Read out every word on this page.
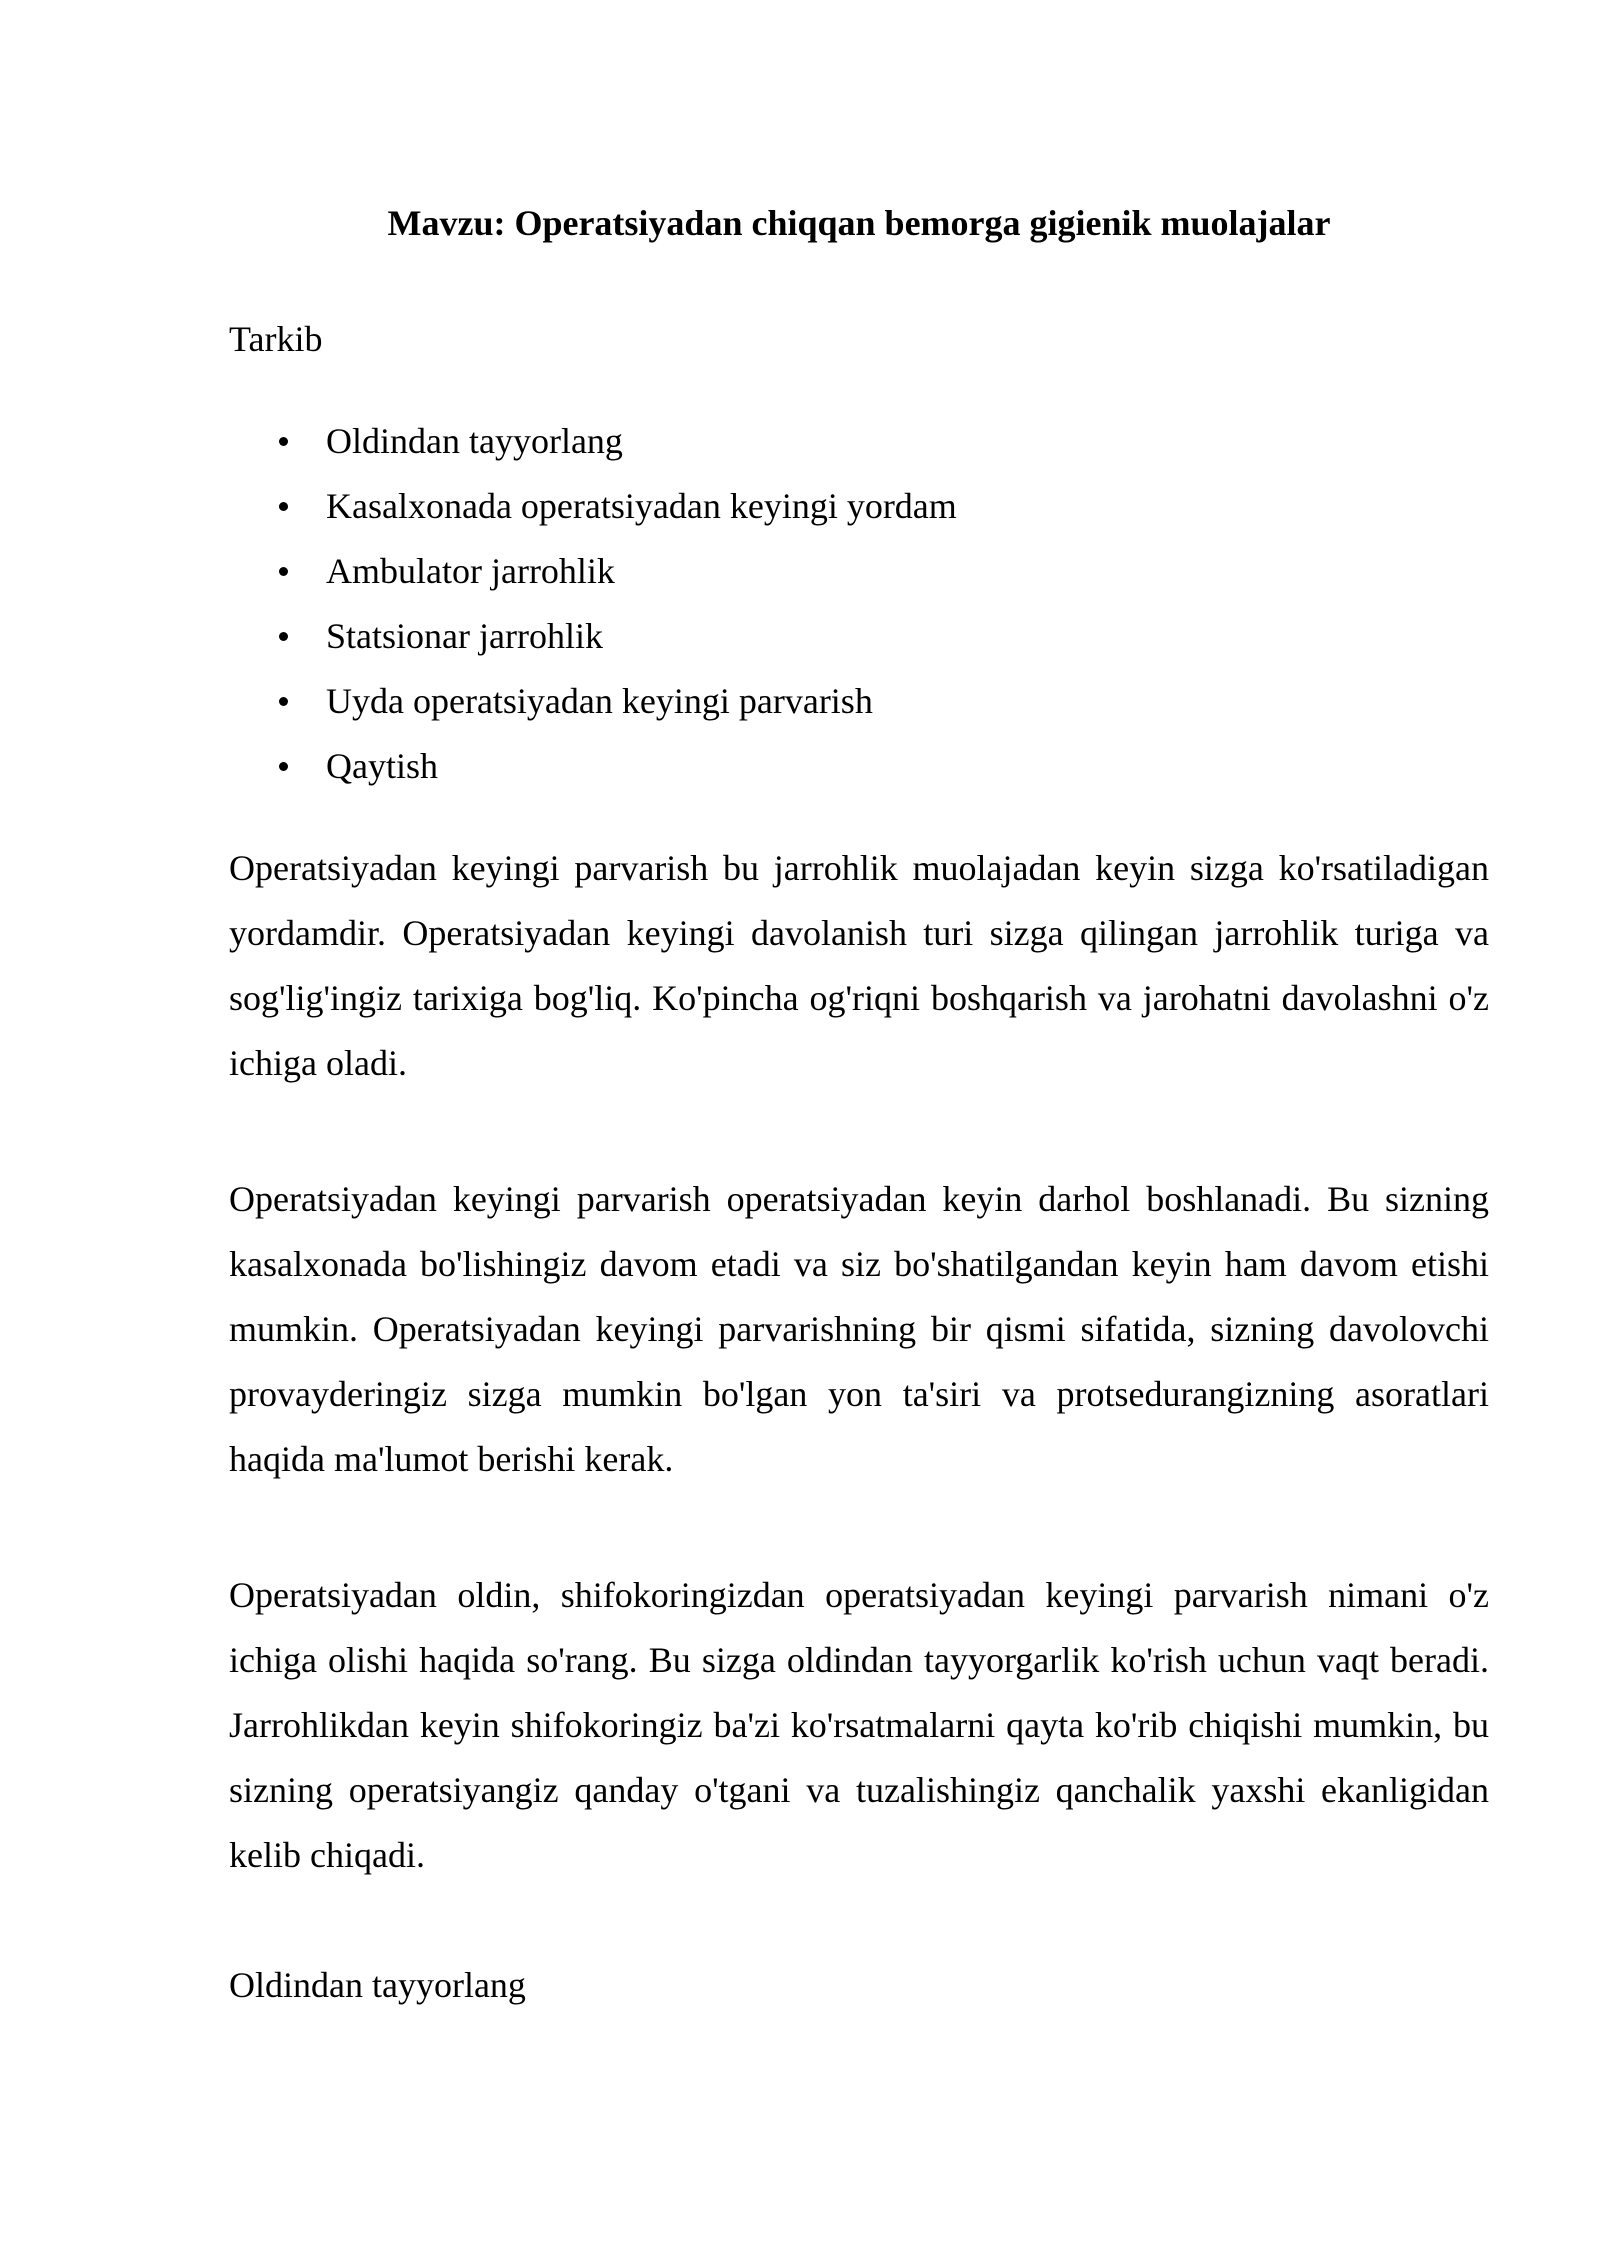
Mavzu: Operatsiyadan chiqqan bemorga gigienik muolajalar

Tarkib

Oldindan tayyorlang
Kasalxonada operatsiyadan keyingi yordam
Ambulator jarrohlik
Statsionar jarrohlik
Uyda operatsiyadan keyingi parvarish
Qaytish

Operatsiyadan keyingi parvarish bu jarrohlik muolajadan keyin sizga ko'rsatiladigan yordamdir. Operatsiyadan keyingi davolanish turi sizga qilingan jarrohlik turiga va sog'lig'ingiz tarixiga bog'liq. Ko'pincha og'riqni boshqarish va jarohatni davolashni o'z ichiga oladi.

Operatsiyadan keyingi parvarish operatsiyadan keyin darhol boshlanadi. Bu sizning kasalxonada bo'lishingiz davom etadi va siz bo'shatilgandan keyin ham davom etishi mumkin. Operatsiyadan keyingi parvarishning bir qismi sifatida, sizning davolovchi provayderingiz sizga mumkin bo'lgan yon ta'siri va protsedurangizning asoratlari haqida ma'lumot berishi kerak.

Operatsiyadan oldin, shifokoringizdan operatsiyadan keyingi parvarish nimani o'z ichiga olishi haqida so'rang. Bu sizga oldindan tayyorgarlik ko'rish uchun vaqt beradi. Jarrohlikdan keyin shifokoringiz ba'zi ko'rsatmalarni qayta ko'rib chiqishi mumkin, bu sizning operatsiyangiz qanday o'tgani va tuzalishingiz qanchalik yaxshi ekanligidan kelib chiqadi.

Oldindan tayyorlang
